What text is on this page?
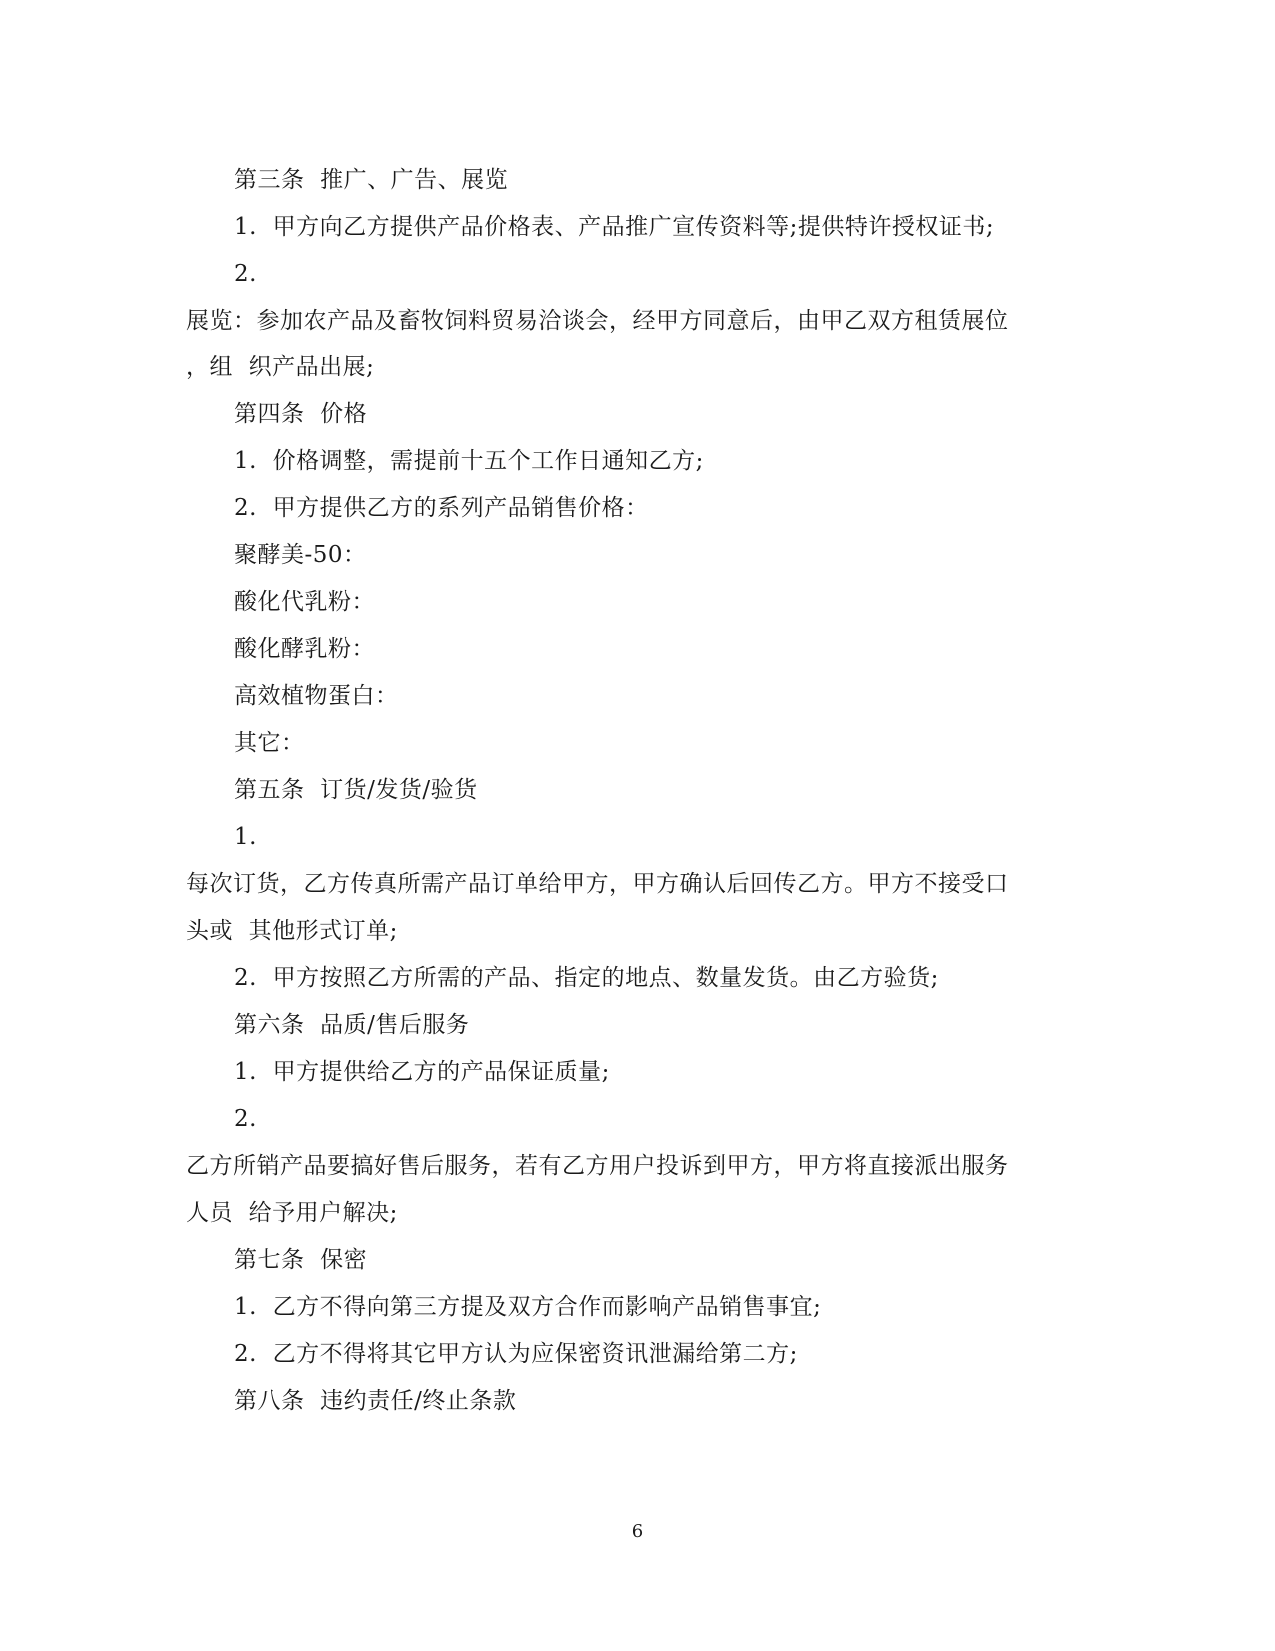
第三条  推广、广告、展览
1.  甲方向乙方提供产品价格表、产品推广宣传资料等;提供特许授权证书;
2.
展览：参加农产品及畜牧饲料贸易洽谈会，经甲方同意后，由甲乙双方租赁展位
，组  织产品出展;
第四条  价格
1.  价格调整，需提前十五个工作日通知乙方;
2.  甲方提供乙方的系列产品销售价格：
聚酵美-50：
酸化代乳粉：
酸化酵乳粉：
高效植物蛋白：
其它：
第五条  订货/发货/验货
1.
每次订货，乙方传真所需产品订单给甲方，甲方确认后回传乙方。甲方不接受口
头或  其他形式订单;
2.  甲方按照乙方所需的产品、指定的地点、数量发货。由乙方验货;
第六条  品质/售后服务
1.  甲方提供给乙方的产品保证质量;
2.
乙方所销产品要搞好售后服务，若有乙方用户投诉到甲方，甲方将直接派出服务
人员  给予用户解决;
第七条  保密
1.  乙方不得向第三方提及双方合作而影响产品销售事宜;
2.  乙方不得将其它甲方认为应保密资讯泄漏给第二方;
第八条  违约责任/终止条款
6
